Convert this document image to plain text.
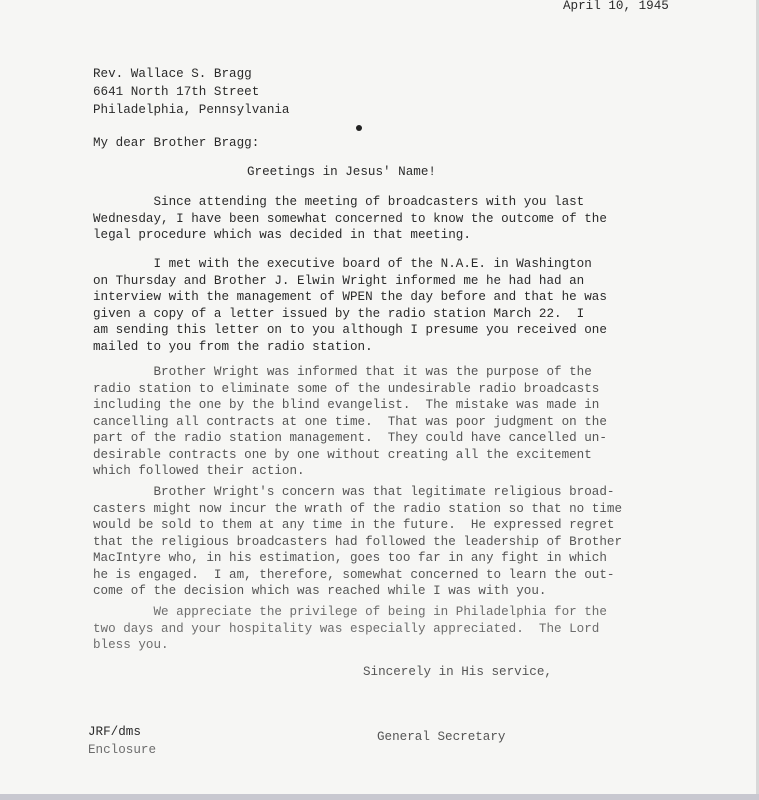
April 10, 1945
Rev. Wallace S. Bragg
6641 North 17th Street
Philadelphia, Pennsylvania
My dear Brother Bragg:
Greetings in Jesus' Name!
Since attending the meeting of broadcasters with you last
Wednesday, I have been somewhat concerned to know the outcome of the
legal procedure which was decided in that meeting.
I met with the executive board of the N.A.E. in Washington
on Thursday and Brother J. Elwin Wright informed me he had had an
interview with the management of WPEN the day before and that he was
given a copy of a letter issued by the radio station March 22.  I
am sending this letter on to you although I presume you received one
mailed to you from the radio station.
Brother Wright was informed that it was the purpose of the
radio station to eliminate some of the undesirable radio broadcasts
including the one by the blind evangelist.  The mistake was made in
cancelling all contracts at one time.  That was poor judgment on the
part of the radio station management.  They could have cancelled un-
desirable contracts one by one without creating all the excitement
which followed their action.
Brother Wright's concern was that legitimate religious broad-
casters might now incur the wrath of the radio station so that no time
would be sold to them at any time in the future.  He expressed regret
that the religious broadcasters had followed the leadership of Brother
MacIntyre who, in his estimation, goes too far in any fight in which
he is engaged.  I am, therefore, somewhat concerned to learn the out-
come of the decision which was reached while I was with you.
We appreciate the privilege of being in Philadelphia for the
two days and your hospitality was especially appreciated.  The Lord
bless you.
Sincerely in His service,
JRF/dms
Enclosure
General Secretary
